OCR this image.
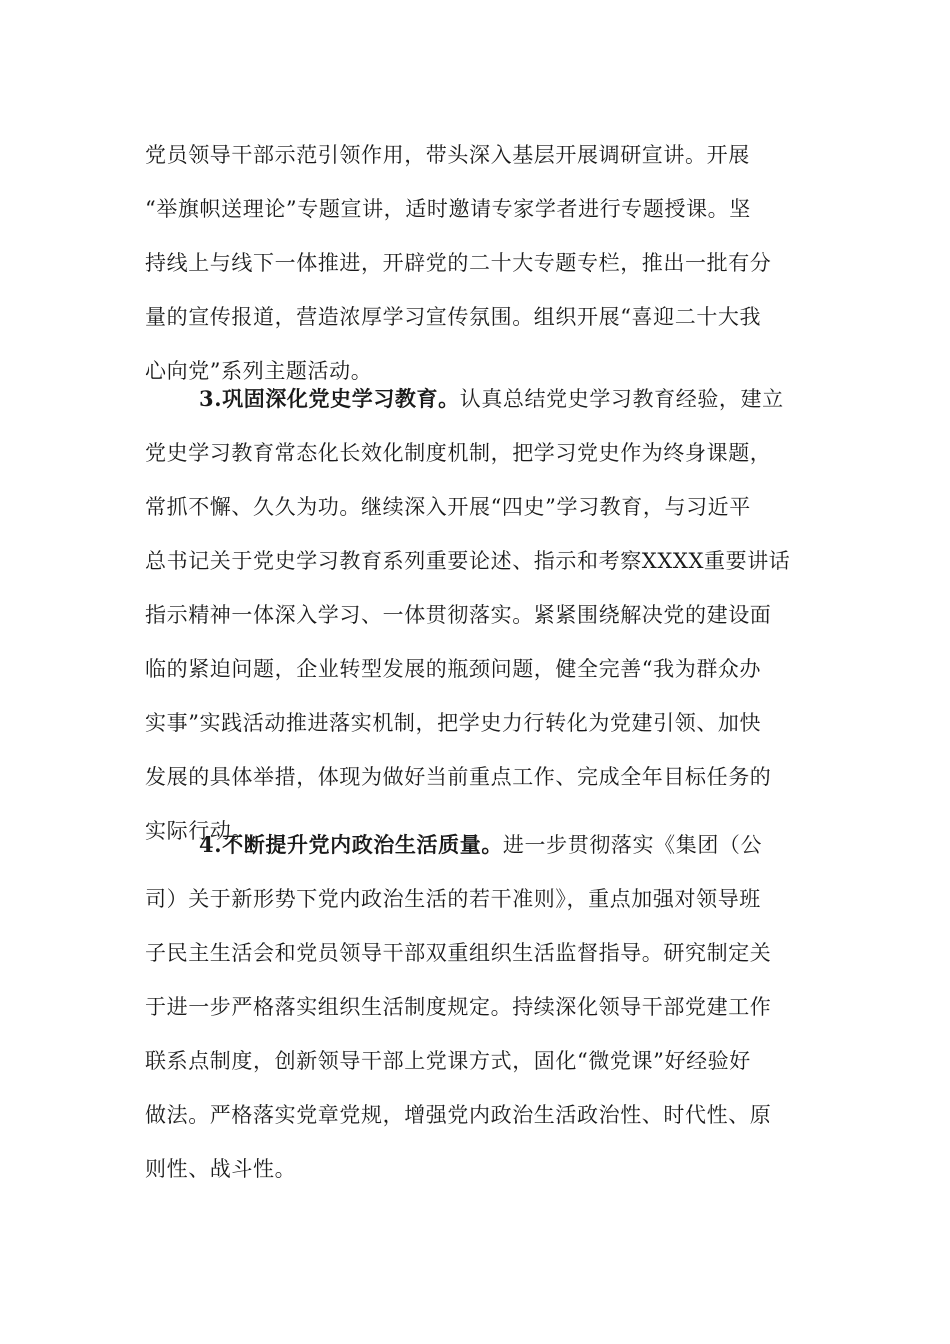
党员领导干部示范引领作用，带头深入基层开展调研宣讲。开展
“举旗帜送理论”专题宣讲，适时邀请专家学者进行专题授课。坚
持线上与线下一体推进，开辟党的二十大专题专栏，推出一批有分
量的宣传报道，营造浓厚学习宣传氛围。组织开展“喜迎二十大我
心向党”系列主题活动。

3.巩固深化党史学习教育。认真总结党史学习教育经验，建立
党史学习教育常态化长效化制度机制，把学习党史作为终身课题，
常抓不懈、久久为功。继续深入开展“四史”学习教育，与习近平
总书记关于党史学习教育系列重要论述、指示和考察XXXX重要讲话
指示精神一体深入学习、一体贯彻落实。紧紧围绕解决党的建设面
临的紧迫问题，企业转型发展的瓶颈问题，健全完善“我为群众办
实事”实践活动推进落实机制，把学史力行转化为党建引领、加快
发展的具体举措，体现为做好当前重点工作、完成全年目标任务的
实际行动。

4.不断提升党内政治生活质量。进一步贯彻落实《集团（公
司）关于新形势下党内政治生活的若干准则》，重点加强对领导班
子民主生活会和党员领导干部双重组织生活监督指导。研究制定关
于进一步严格落实组织生活制度规定。持续深化领导干部党建工作
联系点制度，创新领导干部上党课方式，固化“微党课”好经验好
做法。严格落实党章党规，增强党内政治生活政治性、时代性、原
则性、战斗性。
